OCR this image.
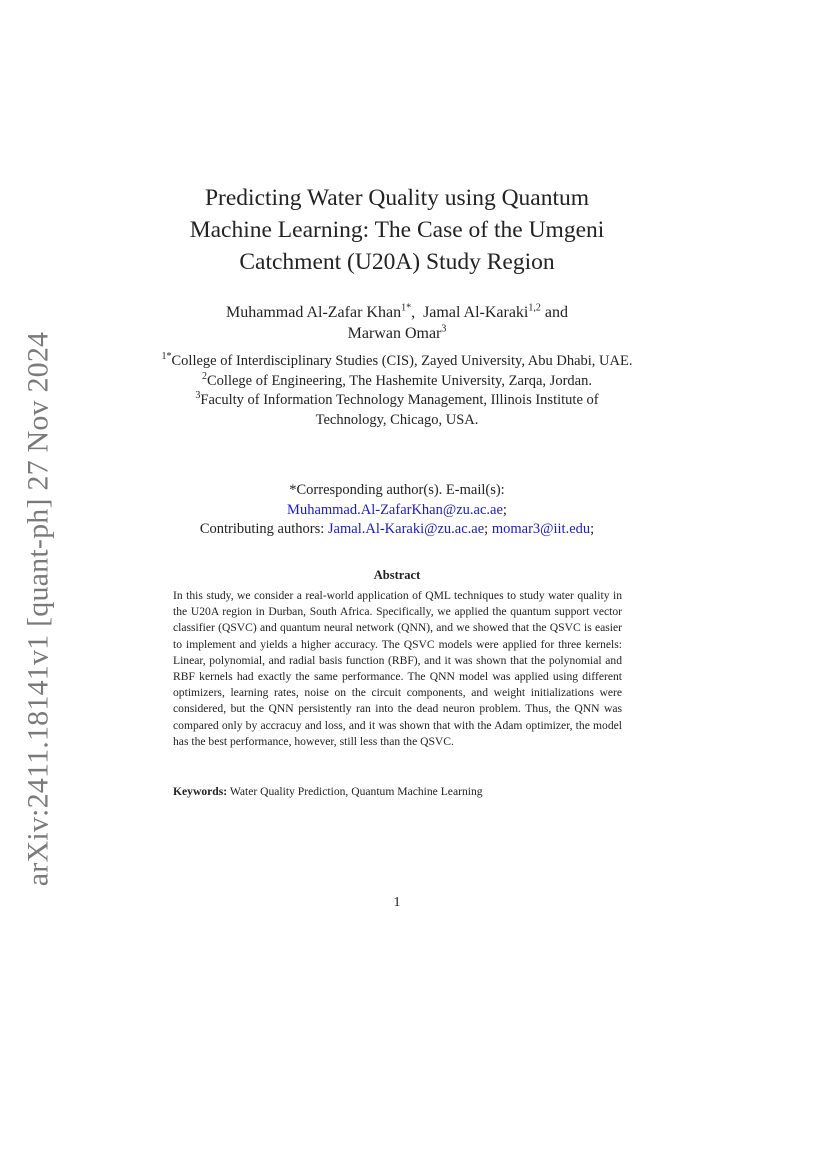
arXiv:2411.18141v1 [quant-ph] 27 Nov 2024
Predicting Water Quality using Quantum Machine Learning: The Case of the Umgeni Catchment (U20A) Study Region
Muhammad Al-Zafar Khan$^{1*}$,  Jamal Al-Karaki$^{1,2}$ and
Marwan Omar$^3$
$^{1*}$College of Interdisciplinary Studies (CIS), Zayed University, Abu Dhabi, UAE.
$^2$College of Engineering, The Hashemite University, Zarqa, Jordan.
$^3$Faculty of Information Technology Management, Illinois Institute of Technology, Chicago, USA.
*Corresponding author(s). E-mail(s):
Muhammad.Al-ZafarKhan@zu.ac.ae;
Contributing authors: Jamal.Al-Karaki@zu.ac.ae; momar3@iit.edu;
Abstract
In this study, we consider a real-world application of QML techniques to study water quality in the U20A region in Durban, South Africa. Specifically, we applied the quantum support vector classifier (QSVC) and quantum neural network (QNN), and we showed that the QSVC is easier to implement and yields a higher accuracy. The QSVC models were applied for three kernels: Linear, polynomial, and radial basis function (RBF), and it was shown that the polynomial and RBF kernels had exactly the same performance. The QNN model was applied using different optimizers, learning rates, noise on the circuit components, and weight initializations were considered, but the QNN persistently ran into the dead neuron problem. Thus, the QNN was compared only by accracuy and loss, and it was shown that with the Adam optimizer, the model has the best performance, however, still less than the QSVC.
Keywords: Water Quality Prediction, Quantum Machine Learning
1
